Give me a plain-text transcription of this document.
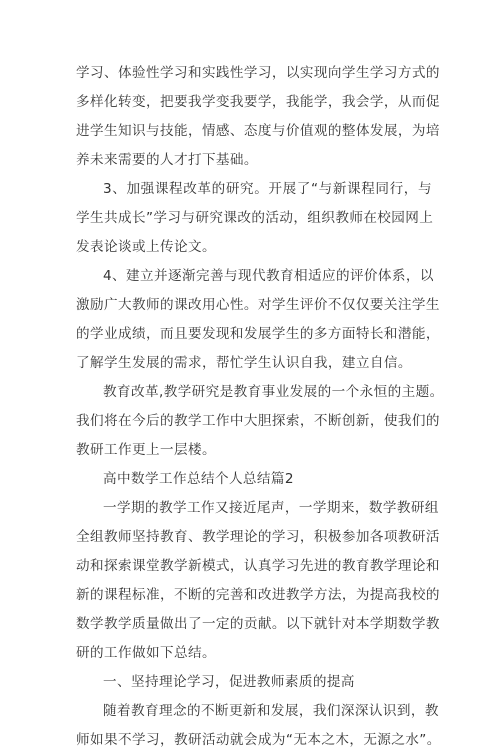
学习、体验性学习和实践性学习，以实现向学生学习方式的
多样化转变，把要我学变我要学，我能学，我会学，从而促
进学生知识与技能，情感、态度与价值观的整体发展，为培
养未来需要的人才打下基础。
3、加强课程改革的研究。开展了“与新课程同行，与
学生共成长”学习与研究课改的活动，组织教师在校园网上
发表论谈或上传论文。
4、建立并逐渐完善与现代教育相适应的评价体系，以
激励广大教师的课改用心性。对学生评价不仅仅要关注学生
的学业成绩，而且要发现和发展学生的多方面特长和潜能，
了解学生发展的需求，帮忙学生认识自我，建立自信。
教育改革,教学研究是教育事业发展的一个永恒的主题。
我们将在今后的教学工作中大胆探索，不断创新，使我们的
教研工作更上一层楼。
高中数学工作总结个人总结篇2
一学期的教学工作又接近尾声，一学期来，数学教研组
全组教师坚持教育、教学理论的学习，积极参加各项教研活
动和探索课堂教学新模式，认真学习先进的教育教学理论和
新的课程标准，不断的完善和改进教学方法，为提高我校的
数学教学质量做出了一定的贡献。以下就针对本学期数学教
研的工作做如下总结。
一、坚持理论学习，促进教师素质的提高
随着教育理念的不断更新和发展，我们深深认识到，教
师如果不学习，教研活动就会成为“无本之木，无源之水”。
